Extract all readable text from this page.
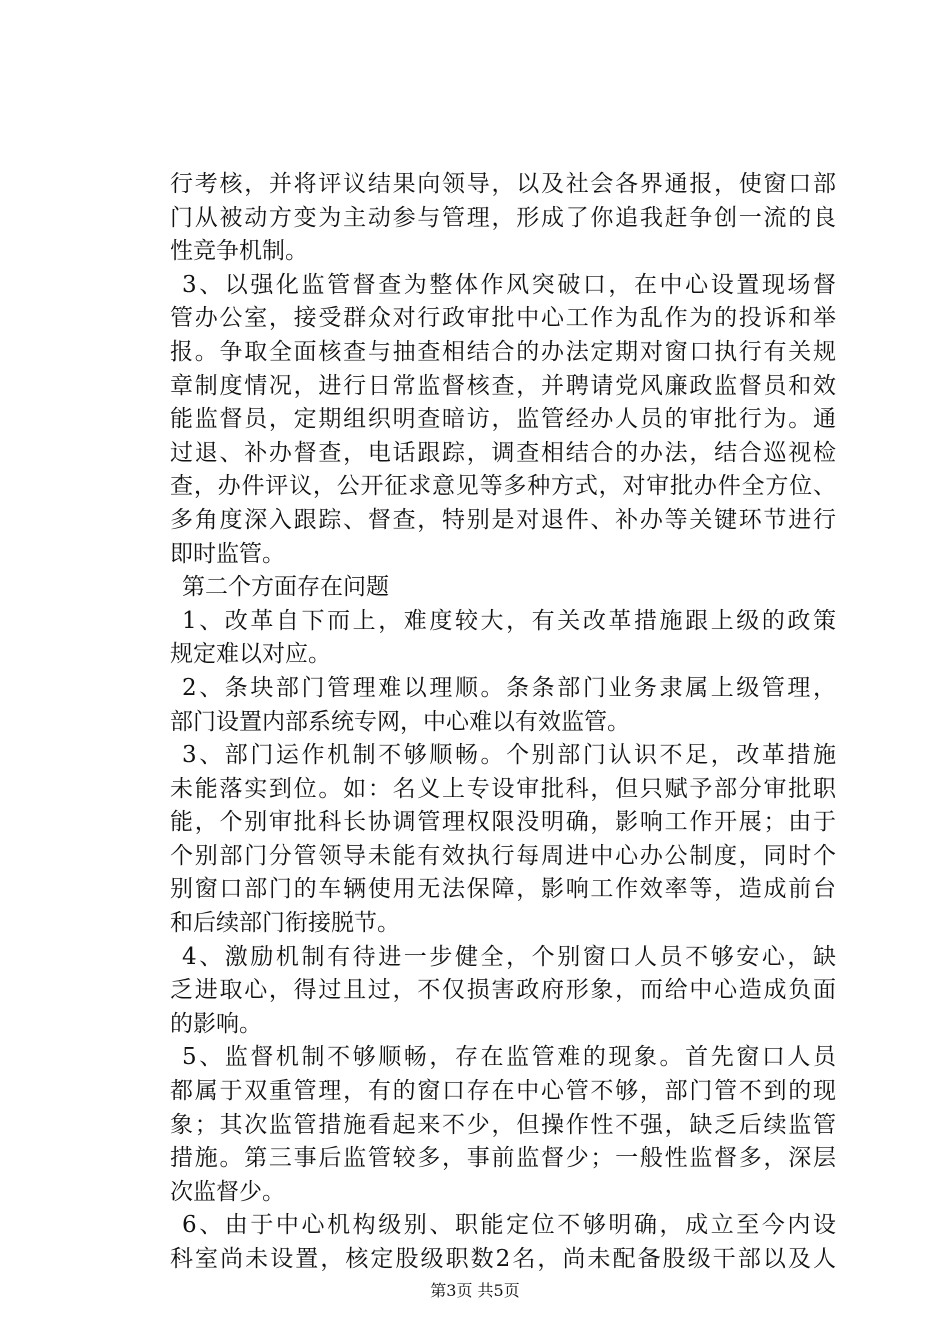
行考核，并将评议结果向领导，以及社会各界通报，使窗口部
门从被动方变为主动参与管理，形成了你追我赶争创一流的良
性竞争机制。
3、以强化监管督查为整体作风突破口，在中心设置现场督
管办公室，接受群众对行政审批中心工作为乱作为的投诉和举
报。争取全面核查与抽查相结合的办法定期对窗口执行有关规
章制度情况，进行日常监督核查，并聘请党风廉政监督员和效
能监督员，定期组织明查暗访，监管经办人员的审批行为。通
过退、补办督查，电话跟踪，调查相结合的办法，结合巡视检
查，办件评议，公开征求意见等多种方式，对审批办件全方位、
多角度深入跟踪、督查，特别是对退件、补办等关键环节进行
即时监管。
第二个方面存在问题
1、改革自下而上，难度较大，有关改革措施跟上级的政策
规定难以对应。
2、条块部门管理难以理顺。条条部门业务隶属上级管理，
部门设置内部系统专网，中心难以有效监管。
3、部门运作机制不够顺畅。个别部门认识不足，改革措施
未能落实到位。如：名义上专设审批科，但只赋予部分审批职
能，个别审批科长协调管理权限没明确，影响工作开展；由于
个别部门分管领导未能有效执行每周进中心办公制度，同时个
别窗口部门的车辆使用无法保障，影响工作效率等，造成前台
和后续部门衔接脱节。
4、激励机制有待进一步健全，个别窗口人员不够安心，缺
乏进取心，得过且过，不仅损害政府形象，而给中心造成负面
的影响。
5、监督机制不够顺畅，存在监管难的现象。首先窗口人员
都属于双重管理，有的窗口存在中心管不够，部门管不到的现
象；其次监管措施看起来不少，但操作性不强，缺乏后续监管
措施。第三事后监管较多，事前监督少；一般性监督多，深层
次监督少。
6、由于中心机构级别、职能定位不够明确，成立至今内设
科室尚未设置，核定股级职数2名，尚未配备股级干部以及人
第3页 共5页
